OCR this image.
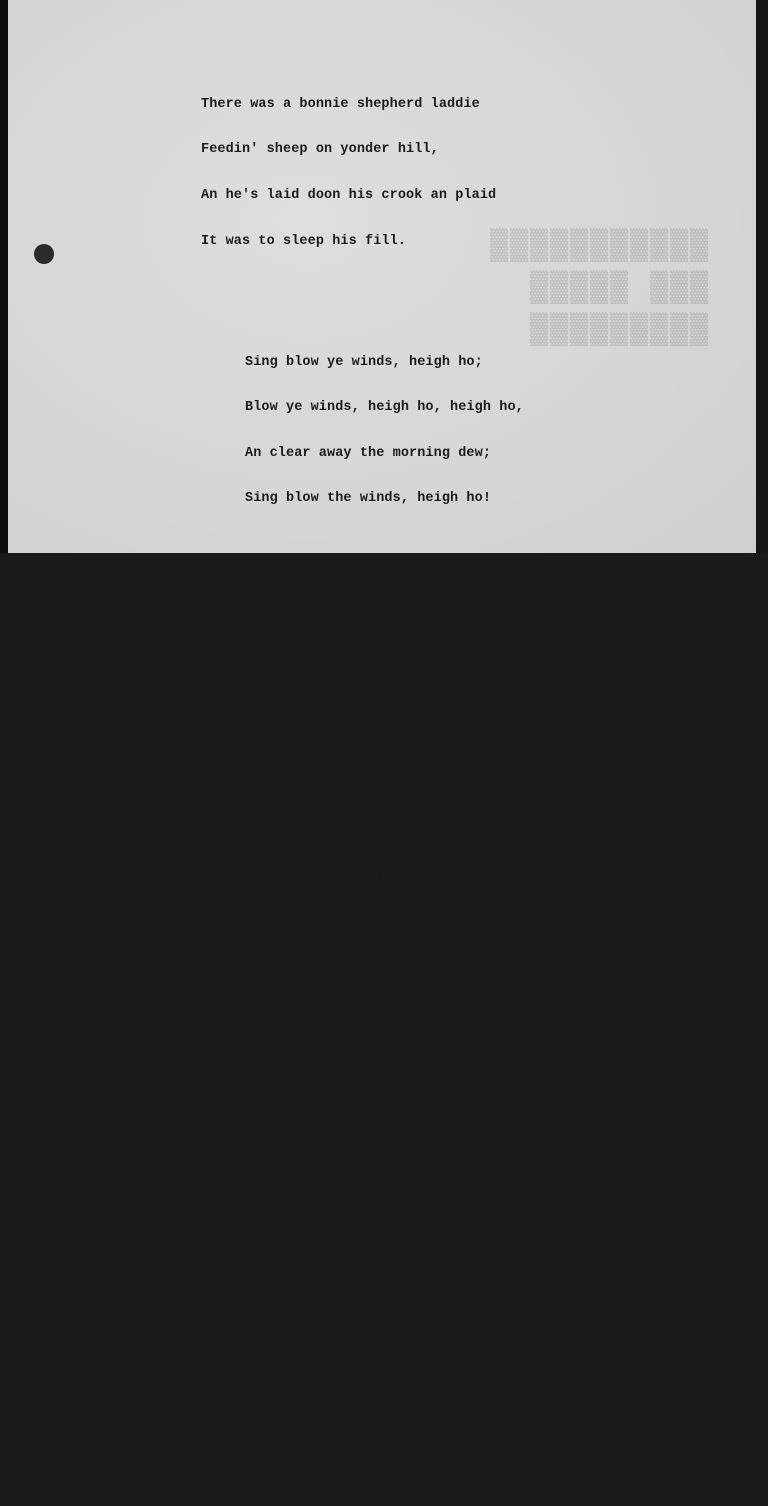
▓▓▓▓▓▓▓▓▓▓▓
▓▓▓ ▓▓▓▓▓
▓▓▓▓▓▓▓▓▓

There was a bonnie shepherd laddie

Feedin' sheep on yonder hill,

An he's laid doon his crook an plaid

It was to sleep his fill.

Sing blow ye winds, heigh ho;

Blow ye winds, heigh ho, heigh ho,

An clear away the morning dew;

Sing blow the winds, heigh ho!

He looked east, he looked west,

He gave another look,

An there he spied a fair maid

A-bathin in a brook.

"O wouldn't it be better

To sew a silken seam

Than to rise up in the morning

An pull against the stream."

................................

................................

"Ye're like a cock my father had

That gaed among the hens:

He clapped his wings but never tread;

You mind me o the same."
